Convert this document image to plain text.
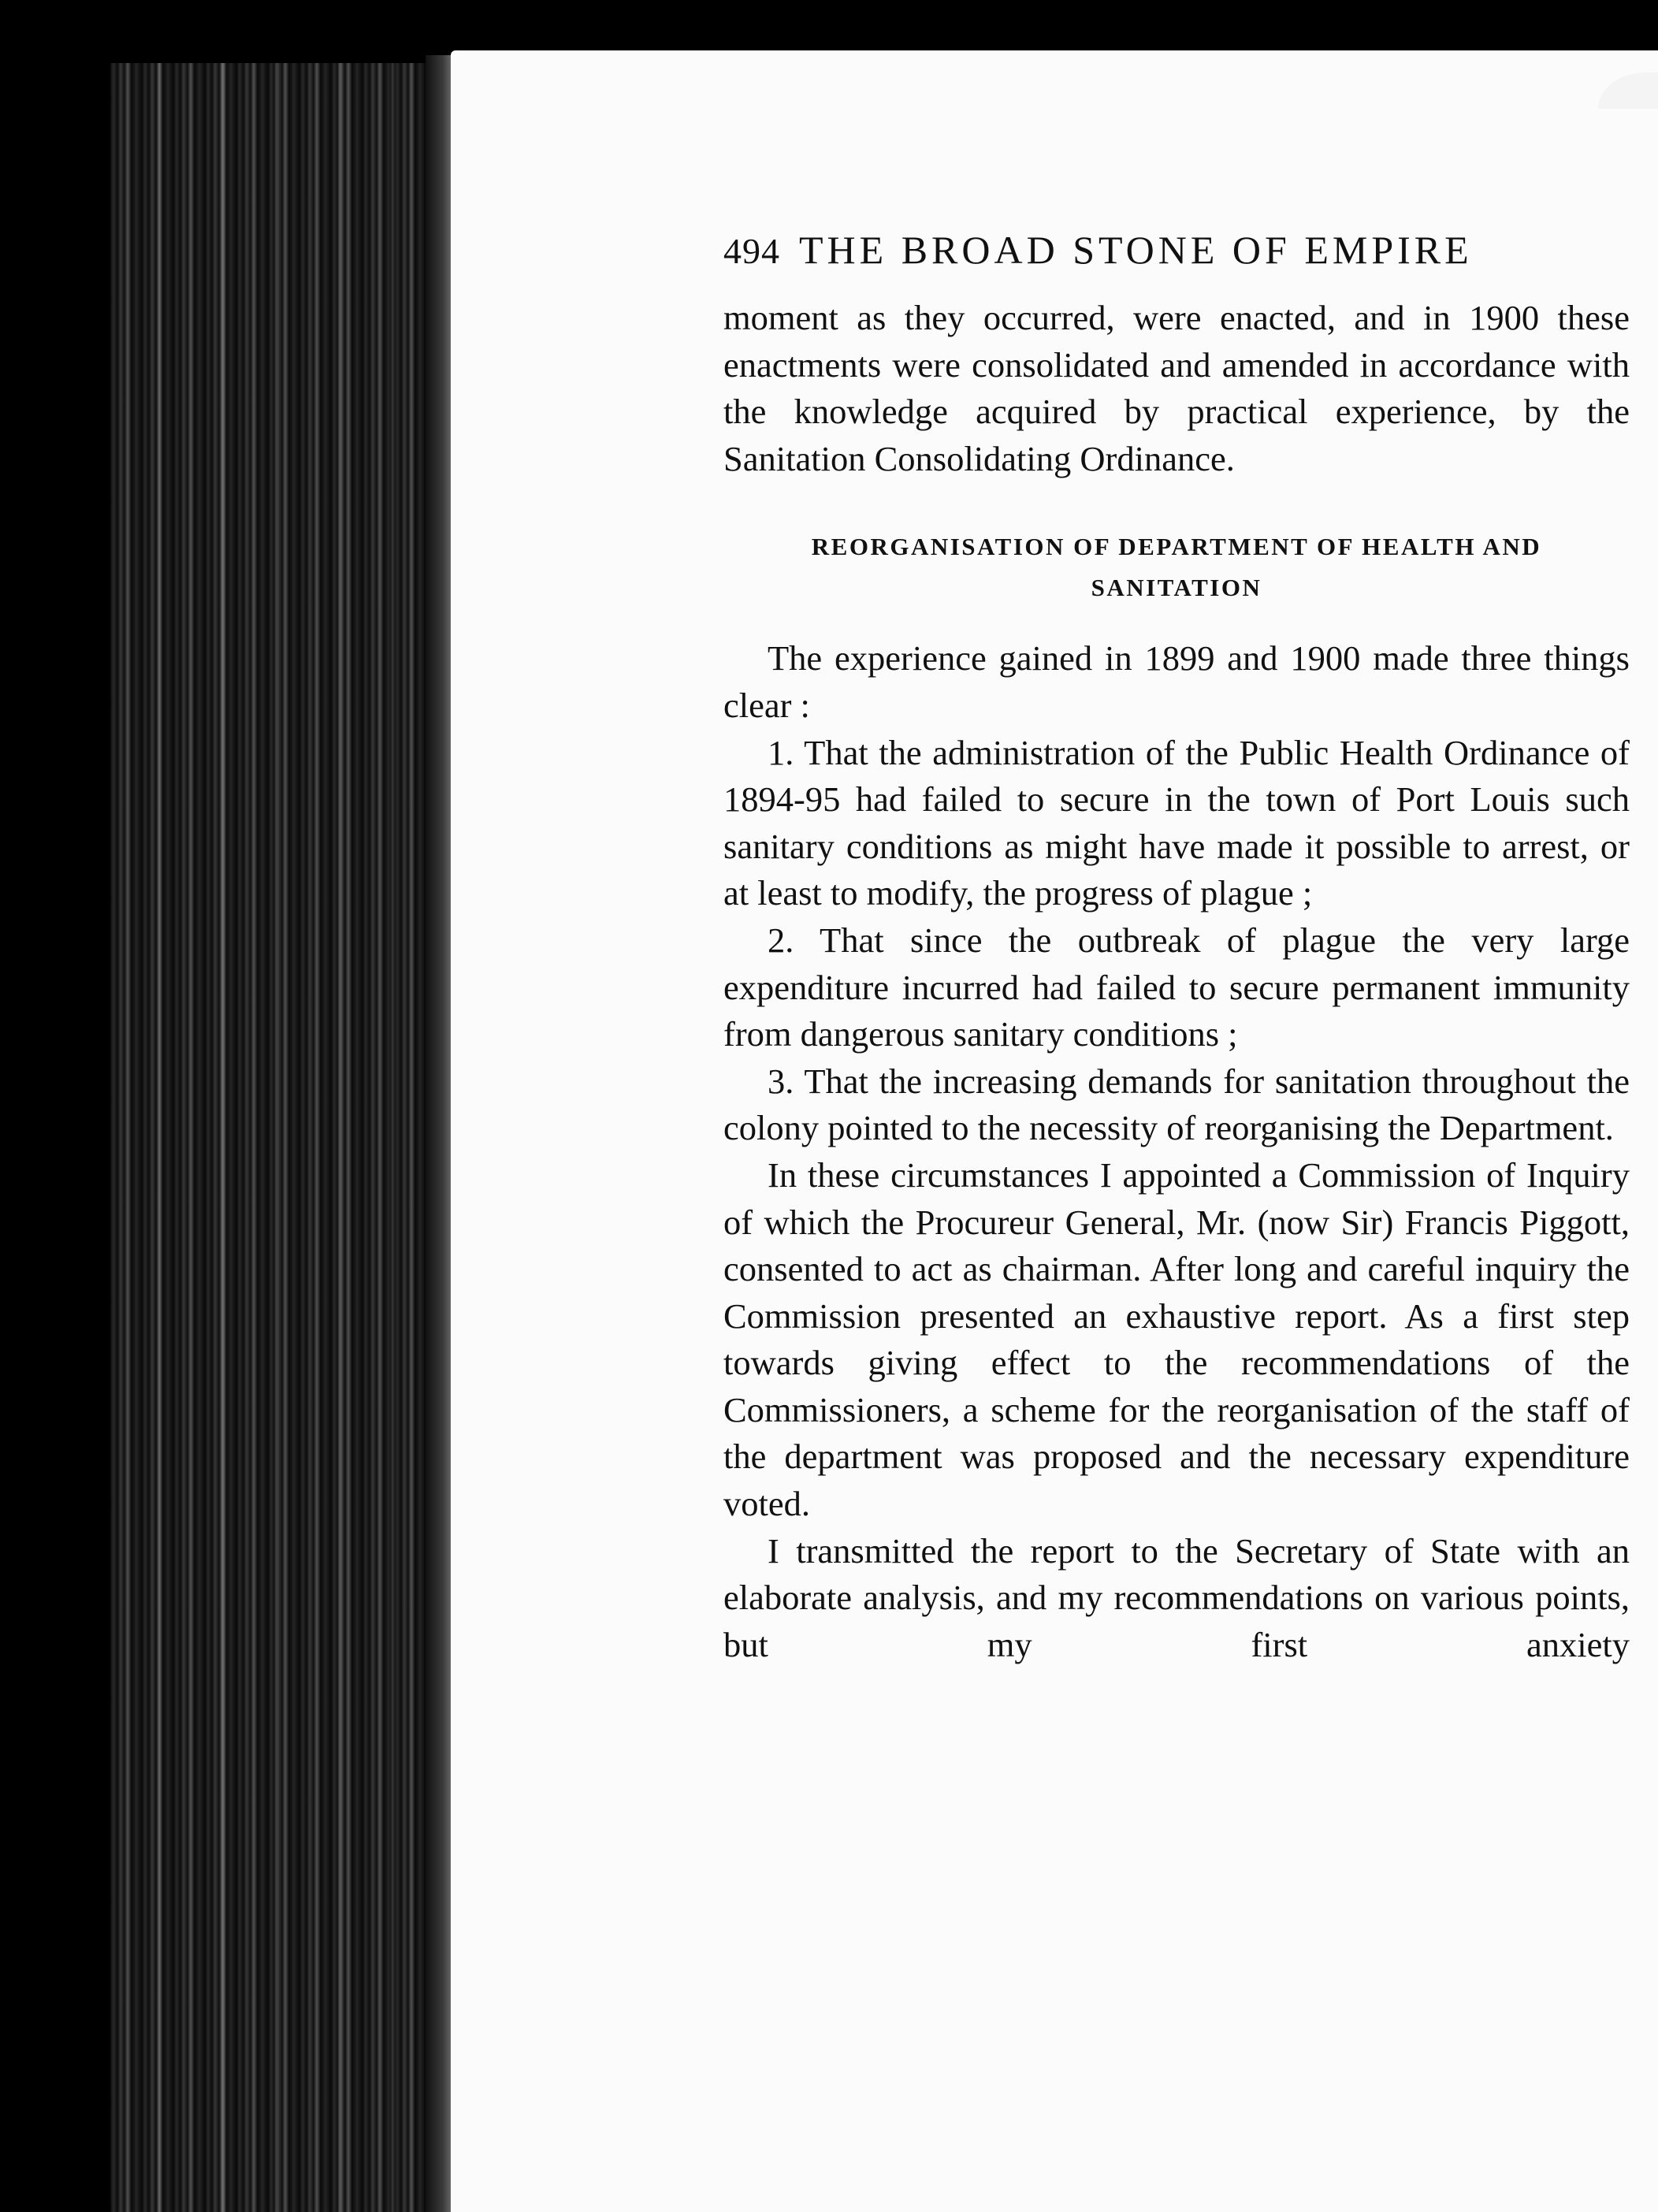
494 THE BROAD STONE OF EMPIRE

moment as they occurred, were enacted, and in 1900 these enactments were consolidated and amended in accordance with the knowledge acquired by practical experience, by the Sanitation Consolidating Ordinance.

REORGANISATION OF DEPARTMENT OF HEALTH AND
SANITATION

The experience gained in 1899 and 1900 made three things clear :

1. That the administration of the Public Health Ordinance of 1894-95 had failed to secure in the town of Port Louis such sanitary conditions as might have made it possible to arrest, or at least to modify, the progress of plague ;

2. That since the outbreak of plague the very large expenditure incurred had failed to secure permanent immunity from dangerous sanitary conditions ;

3. That the increasing demands for sanitation throughout the colony pointed to the necessity of reorganising the Department.

In these circumstances I appointed a Commission of Inquiry of which the Procureur General, Mr. (now Sir) Francis Piggott, consented to act as chairman. After long and careful inquiry the Commission presented an exhaustive report. As a first step towards giving effect to the recommendations of the Commissioners, a scheme for the reorganisation of the staff of the department was proposed and the necessary expenditure voted.

I transmitted the report to the Secretary of State with an elaborate analysis, and my recommendations on various points, but my first anxiety
